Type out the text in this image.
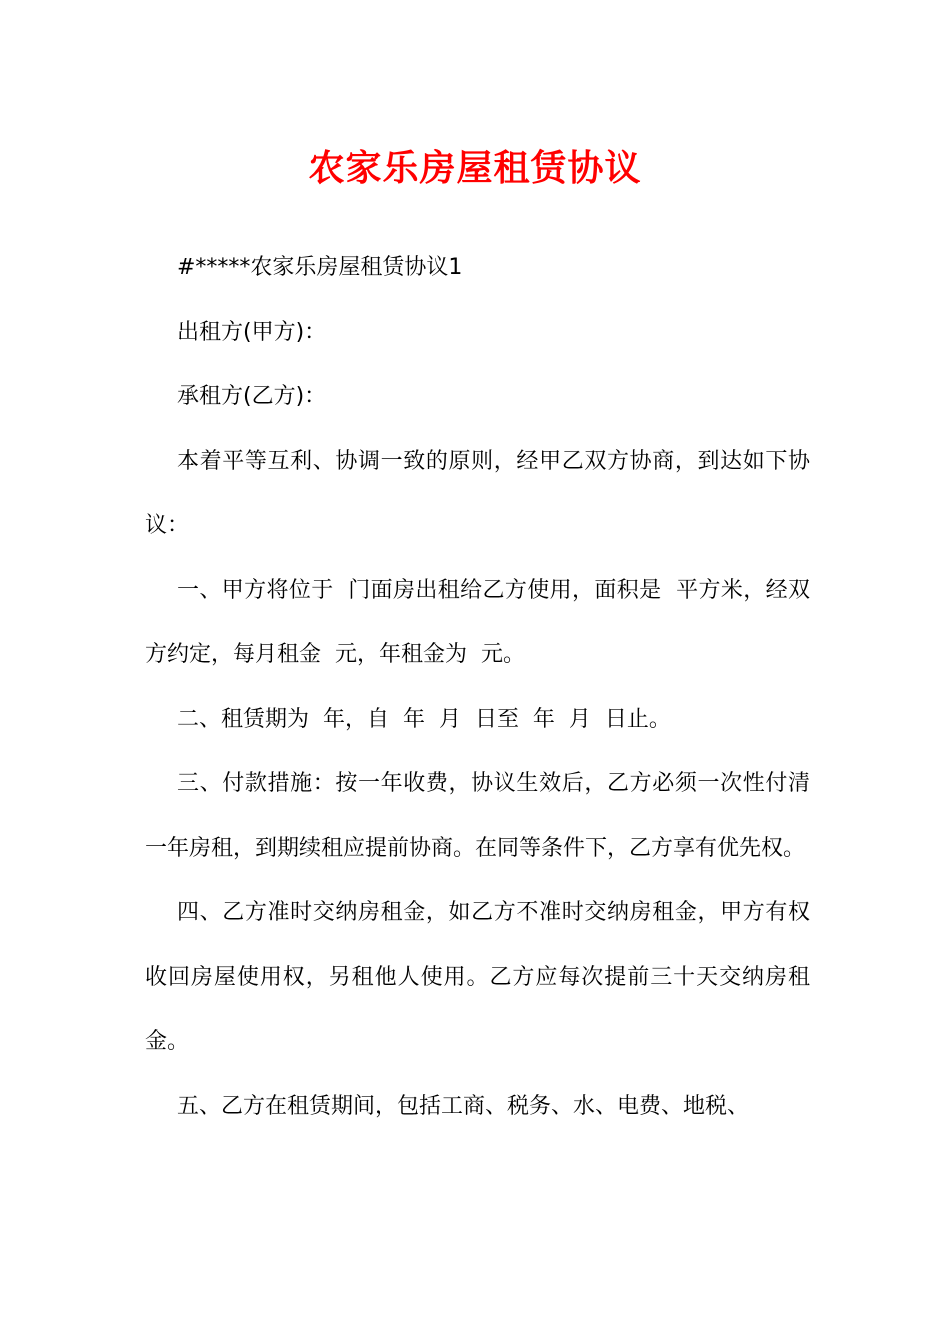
农家乐房屋租赁协议

#*****农家乐房屋租赁协议1

出租方(甲方)：

承租方(乙方)：

本着平等互利、协调一致的原则，经甲乙双方协商，到达如下协议：

一、甲方将位于  门面房出租给乙方使用，面积是  平方米，经双方约定，每月租金  元，年租金为  元。

二、租赁期为  年，自  年  月  日至  年  月  日止。

三、付款措施：按一年收费，协议生效后，乙方必须一次性付清一年房租，到期续租应提前协商。在同等条件下，乙方享有优先权。

四、乙方准时交纳房租金，如乙方不准时交纳房租金，甲方有权收回房屋使用权，另租他人使用。乙方应每次提前三十天交纳房租金。

五、乙方在租赁期间，包括工商、税务、水、电费、地税、
